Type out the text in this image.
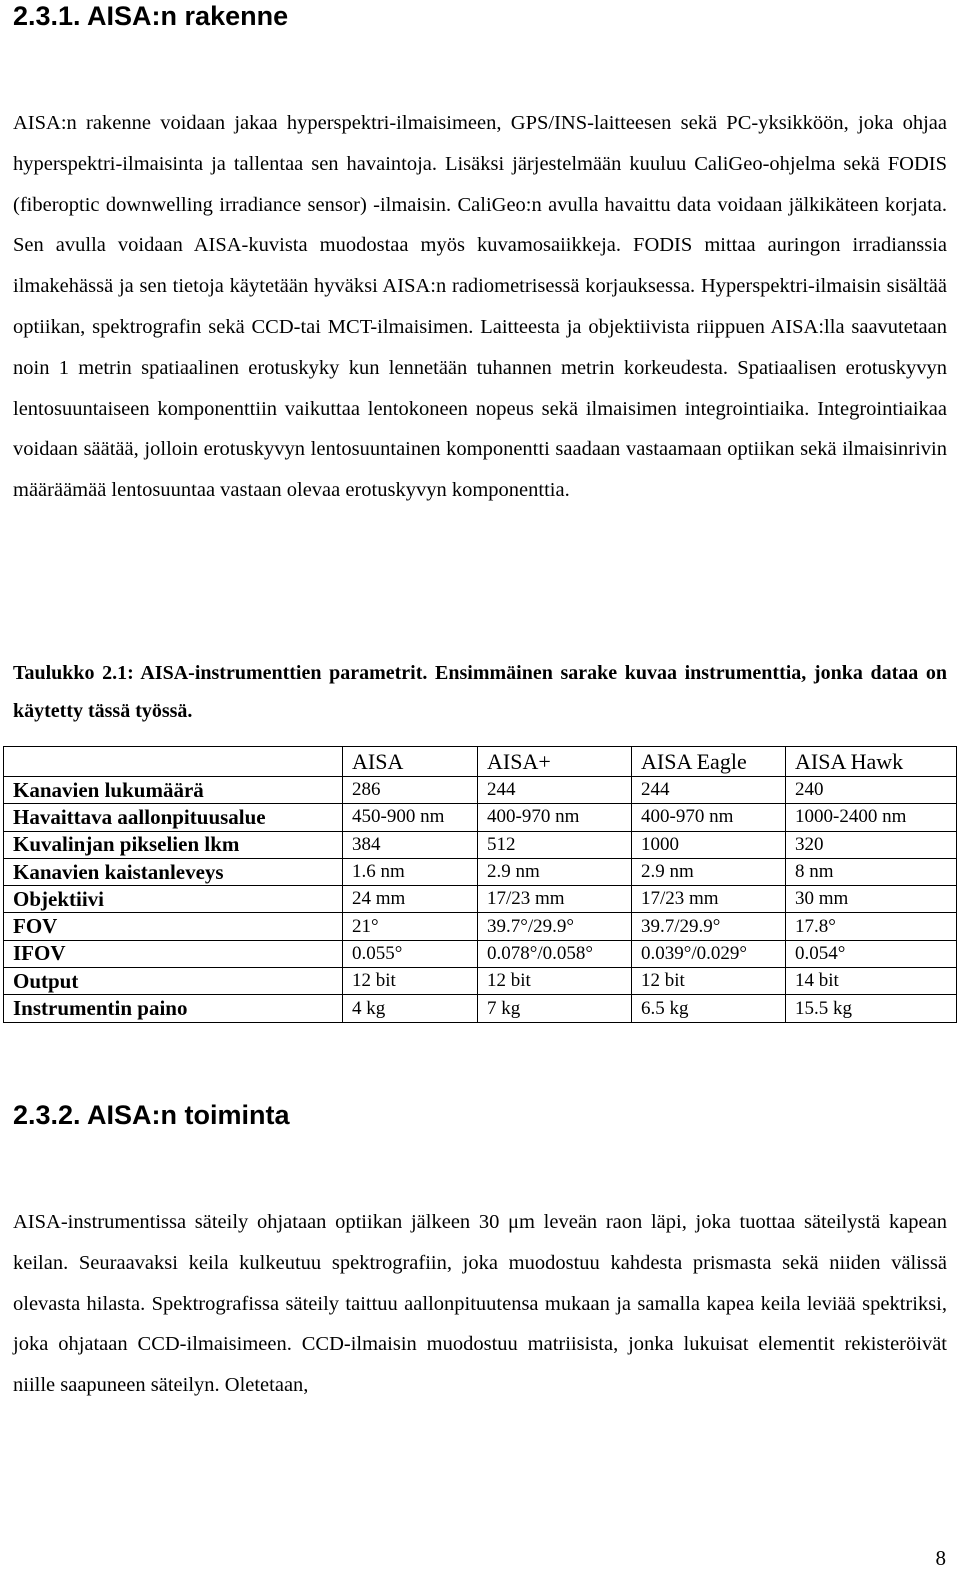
2.3.1. AISA:n rakenne

AISA:n rakenne voidaan jakaa hyperspektri-ilmaisimeen, GPS/INS-laitteesen sekä PC-yksikköön, joka ohjaa hyperspektri-ilmaisinta ja tallentaa sen havaintoja. Lisäksi järjestelmään kuuluu CaliGeo-ohjelma sekä FODIS (fiberoptic downwelling irradiance sensor) -ilmaisin. CaliGeo:n avulla havaittu data voidaan jälkikäteen korjata. Sen avulla voidaan AISA-kuvista muodostaa myös kuvamosaiikkeja. FODIS mittaa auringon irradianssia ilmakehässä ja sen tietoja käytetään hyväksi AISA:n radiometrisessä korjauksessa. Hyperspektri-ilmaisin sisältää optiikan, spektrografin sekä CCD-tai MCT-ilmaisimen. Laitteesta ja objektiivista riippuen AISA:lla saavutetaan noin 1 metrin spatiaalinen erotuskyky kun lennetään tuhannen metrin korkeudesta. Spatiaalisen erotuskyvyn lentosuuntaiseen komponenttiin vaikuttaa lentokoneen nopeus sekä ilmaisimen integrointiaika. Integrointiaikaa voidaan säätää, jolloin erotuskyvyn lentosuuntainen komponentti saadaan vastaamaan optiikan sekä ilmaisinrivin määräämää lentosuuntaa vastaan olevaa erotuskyvyn komponenttia.

Taulukko 2.1: AISA-instrumenttien parametrit. Ensimmäinen sarake kuvaa instrumenttia, jonka dataa on käytetty tässä työssä.

	AISA	AISA+	AISA Eagle	AISA Hawk
Kanavien lukumäärä	286	244	244	240
Havaittava aallonpituusalue	450-900 nm	400-970 nm	400-970 nm	1000-2400 nm
Kuvalinjan pikselien lkm	384	512	1000	320
Kanavien kaistanleveys	1.6 nm	2.9 nm	2.9 nm	8 nm
Objektiivi	24 mm	17/23 mm	17/23 mm	30 mm
FOV	21°	39.7°/29.9°	39.7/29.9°	17.8°
IFOV	0.055°	0.078°/0.058°	0.039°/0.029°	0.054°
Output	12 bit	12 bit	12 bit	14 bit
Instrumentin paino	4 kg	7 kg	6.5 kg	15.5 kg
2.3.2. AISA:n toiminta

AISA-instrumentissa säteily ohjataan optiikan jälkeen 30 μm leveän raon läpi, joka tuottaa säteilystä kapean keilan. Seuraavaksi keila kulkeutuu spektrografiin, joka muodostuu kahdesta prismasta sekä niiden välissä olevasta hilasta. Spektrografissa säteily taittuu aallonpituutensa mukaan ja samalla kapea keila leviää spektriksi, joka ohjataan CCD-ilmaisimeen. CCD-ilmaisin muodostuu matriisista, jonka lukuisat elementit rekisteröivät niille saapuneen säteilyn. Oletetaan,

8
